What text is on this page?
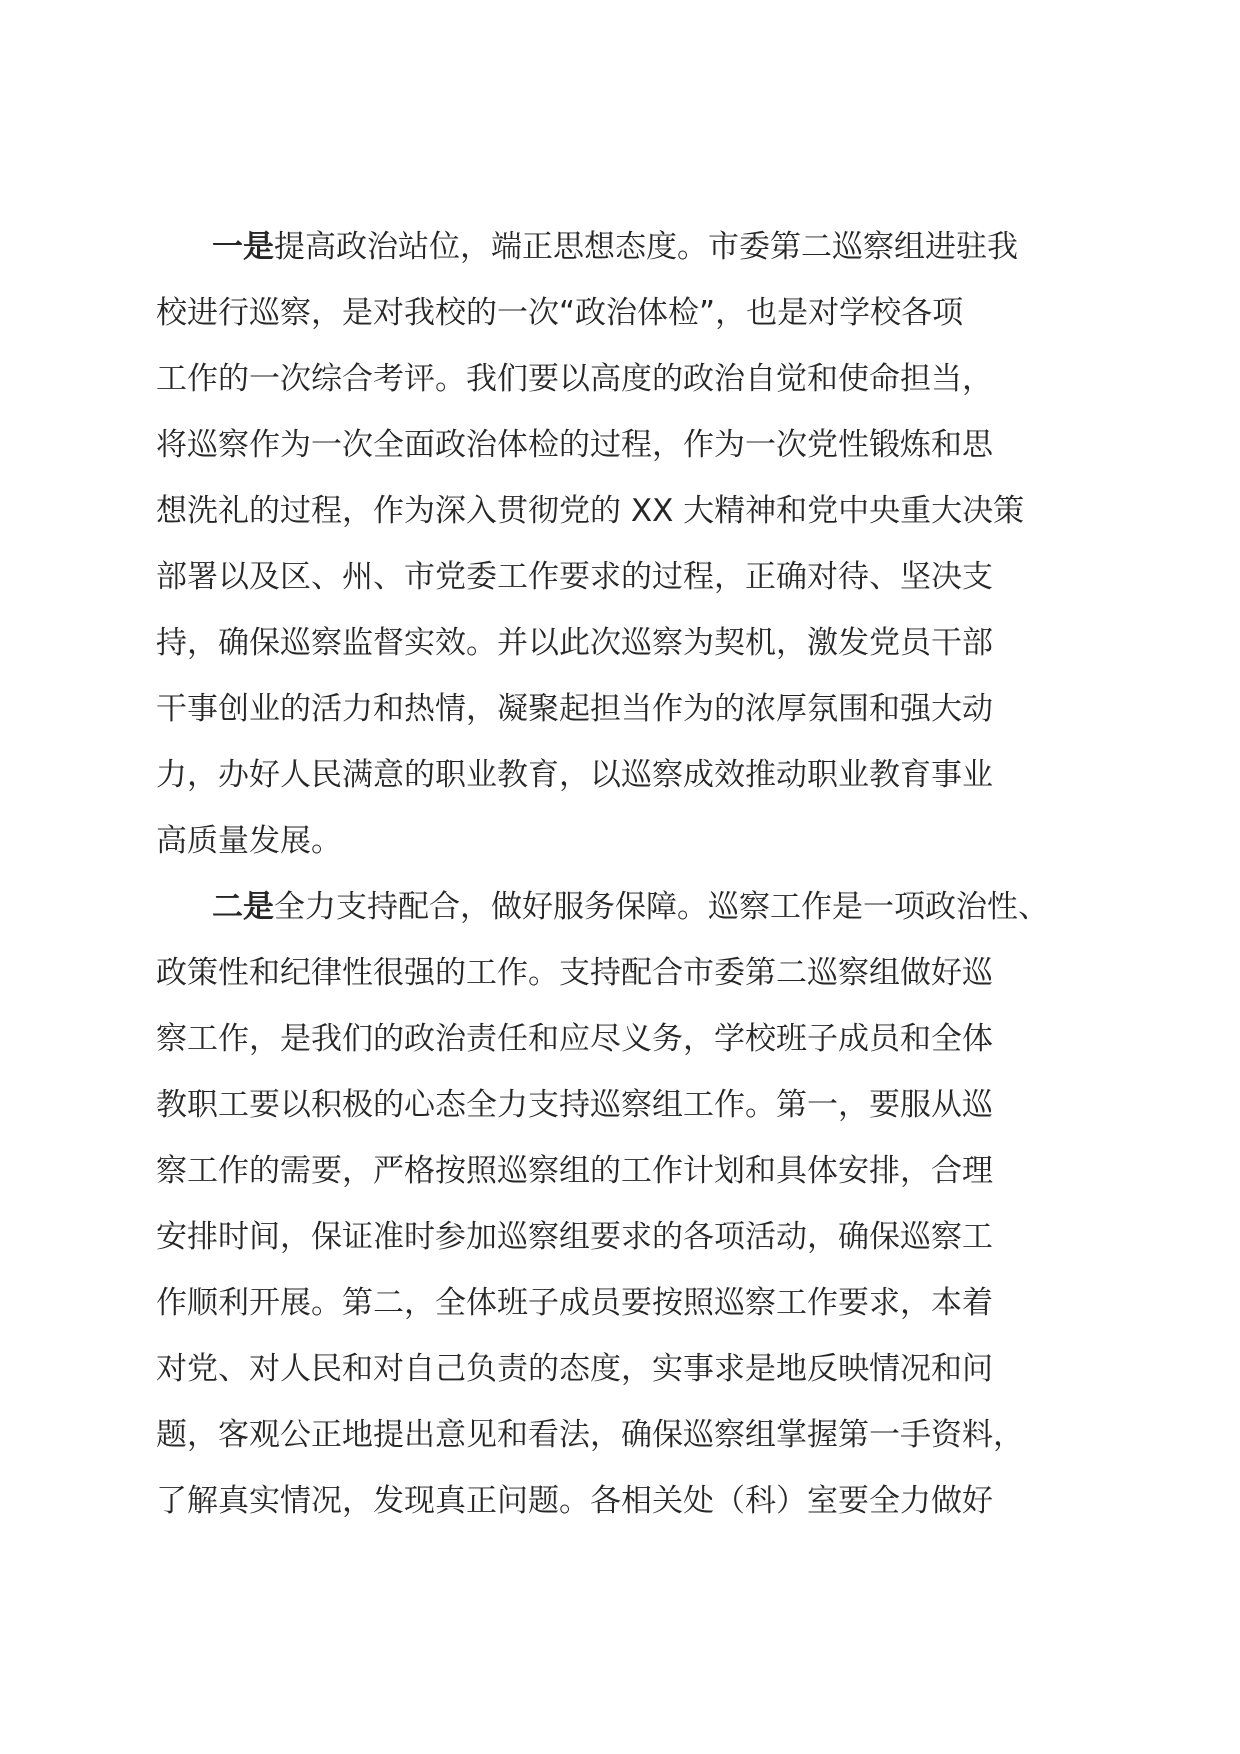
一是提高政治站位，端正思想态度。市委第二巡察组进驻我
校进行巡察，是对我校的一次“政治体检”，也是对学校各项
工作的一次综合考评。我们要以高度的政治自觉和使命担当，
将巡察作为一次全面政治体检的过程，作为一次党性锻炼和思
想洗礼的过程，作为深入贯彻党的 XX 大精神和党中央重大决策
部署以及区、州、市党委工作要求的过程，正确对待、坚决支
持，确保巡察监督实效。并以此次巡察为契机，激发党员干部
干事创业的活力和热情，凝聚起担当作为的浓厚氛围和强大动
力，办好人民满意的职业教育，以巡察成效推动职业教育事业
高质量发展。
二是全力支持配合，做好服务保障。巡察工作是一项政治性、
政策性和纪律性很强的工作。支持配合市委第二巡察组做好巡
察工作，是我们的政治责任和应尽义务，学校班子成员和全体
教职工要以积极的心态全力支持巡察组工作。第一，要服从巡
察工作的需要，严格按照巡察组的工作计划和具体安排，合理
安排时间，保证准时参加巡察组要求的各项活动，确保巡察工
作顺利开展。第二，全体班子成员要按照巡察工作要求，本着
对党、对人民和对自己负责的态度，实事求是地反映情况和问
题，客观公正地提出意见和看法，确保巡察组掌握第一手资料，
了解真实情况，发现真正问题。各相关处（科）室要全力做好
